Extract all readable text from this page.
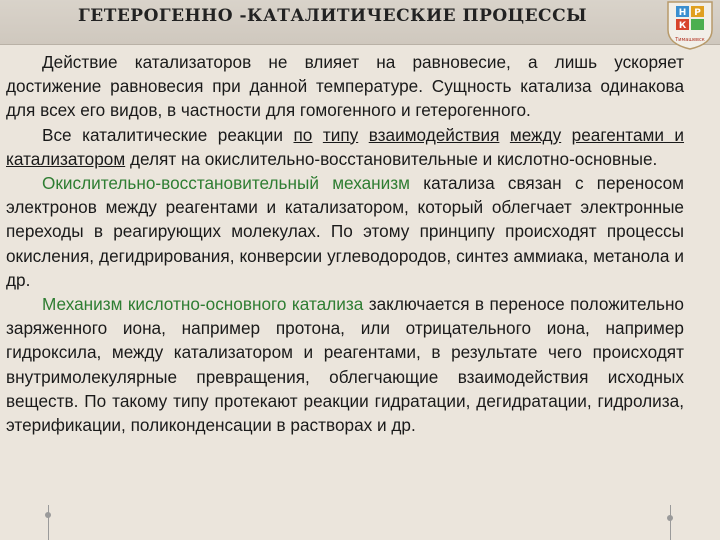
ГЕТЕРОГЕННО -КАТАЛИТИЧЕСКИЕ ПРОЦЕССЫ	Н Р
К
Тимашевск

Действие катализаторов не влияет на равновесие, а лишь ускоряет достижение равновесия при данной температуре. Сущность катализа одинакова для всех его видов, в частности для гомогенного и гетерогенного.

Все каталитические реакции по типу взаимодействия между реагентами и катализатором делят на окислительно-восстановительные и кислотно-основные.

Окислительно-восстановительный механизм катализа связан с переносом электронов между реагентами и катализатором, который облегчает электронные переходы в реагирующих молекулах. По этому принципу происходят процессы окисления, дегидрирования, конверсии углеводородов, синтез аммиака, метанола и др.

Механизм кислотно-основного катализа заключается в переносе положительно заряженного иона, например протона, или отрицательного иона, например гидроксила, между катализатором и реагентами, в результате чего происходят внутримолекулярные превращения, облегчающие взаимодействия исходных веществ. По такому типу протекают реакции гидратации, дегидратации, гидролиза, этерификации, поликонденсации в растворах и др.
